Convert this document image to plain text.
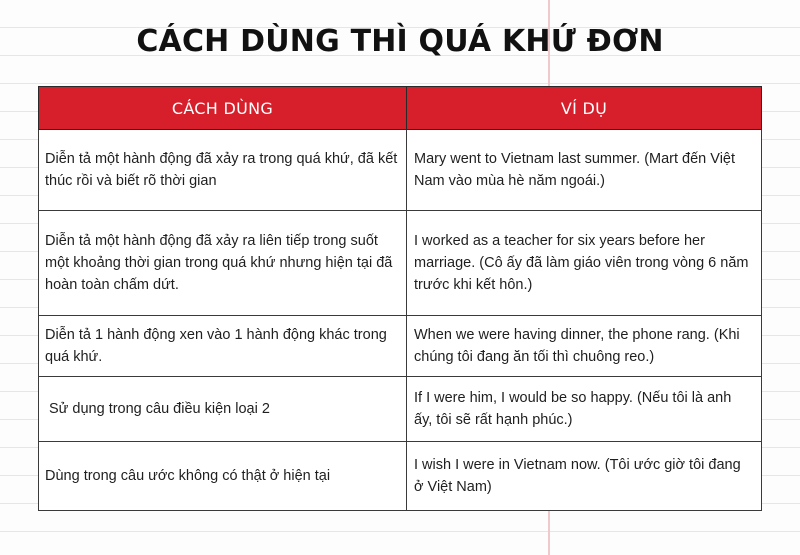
CÁCH DÙNG THÌ QUÁ KHỨ ĐƠN
CÁCH DÙNG	VÍ DỤ
Diễn tả một hành động đã xảy ra trong quá khứ, đã kết thúc rồi và biết rõ thời gian	Mary went to Vietnam last summer. (Mart đến Việt Nam vào mùa hè năm ngoái.)
Diễn tả một hành động đã xảy ra liên tiếp trong suốt một khoảng thời gian trong quá khứ nhưng hiện tại đã hoàn toàn chấm dứt.	I worked as a teacher for six years before her marriage. (Cô ấy đã làm giáo viên trong vòng 6 năm trước khi kết hôn.)
Diễn tả 1 hành động xen vào 1 hành động khác trong quá khứ.	When we were having dinner, the phone rang. (Khi chúng tôi đang ăn tối thì chuông reo.)
Sử dụng trong câu điều kiện loại 2	If I were him, I would be so happy. (Nếu tôi là anh ấy, tôi sẽ rất hạnh phúc.)
Dùng trong câu ước không có thật ở hiện tại	I wish I were in Vietnam now. (Tôi ước giờ tôi đang ở Việt Nam)
